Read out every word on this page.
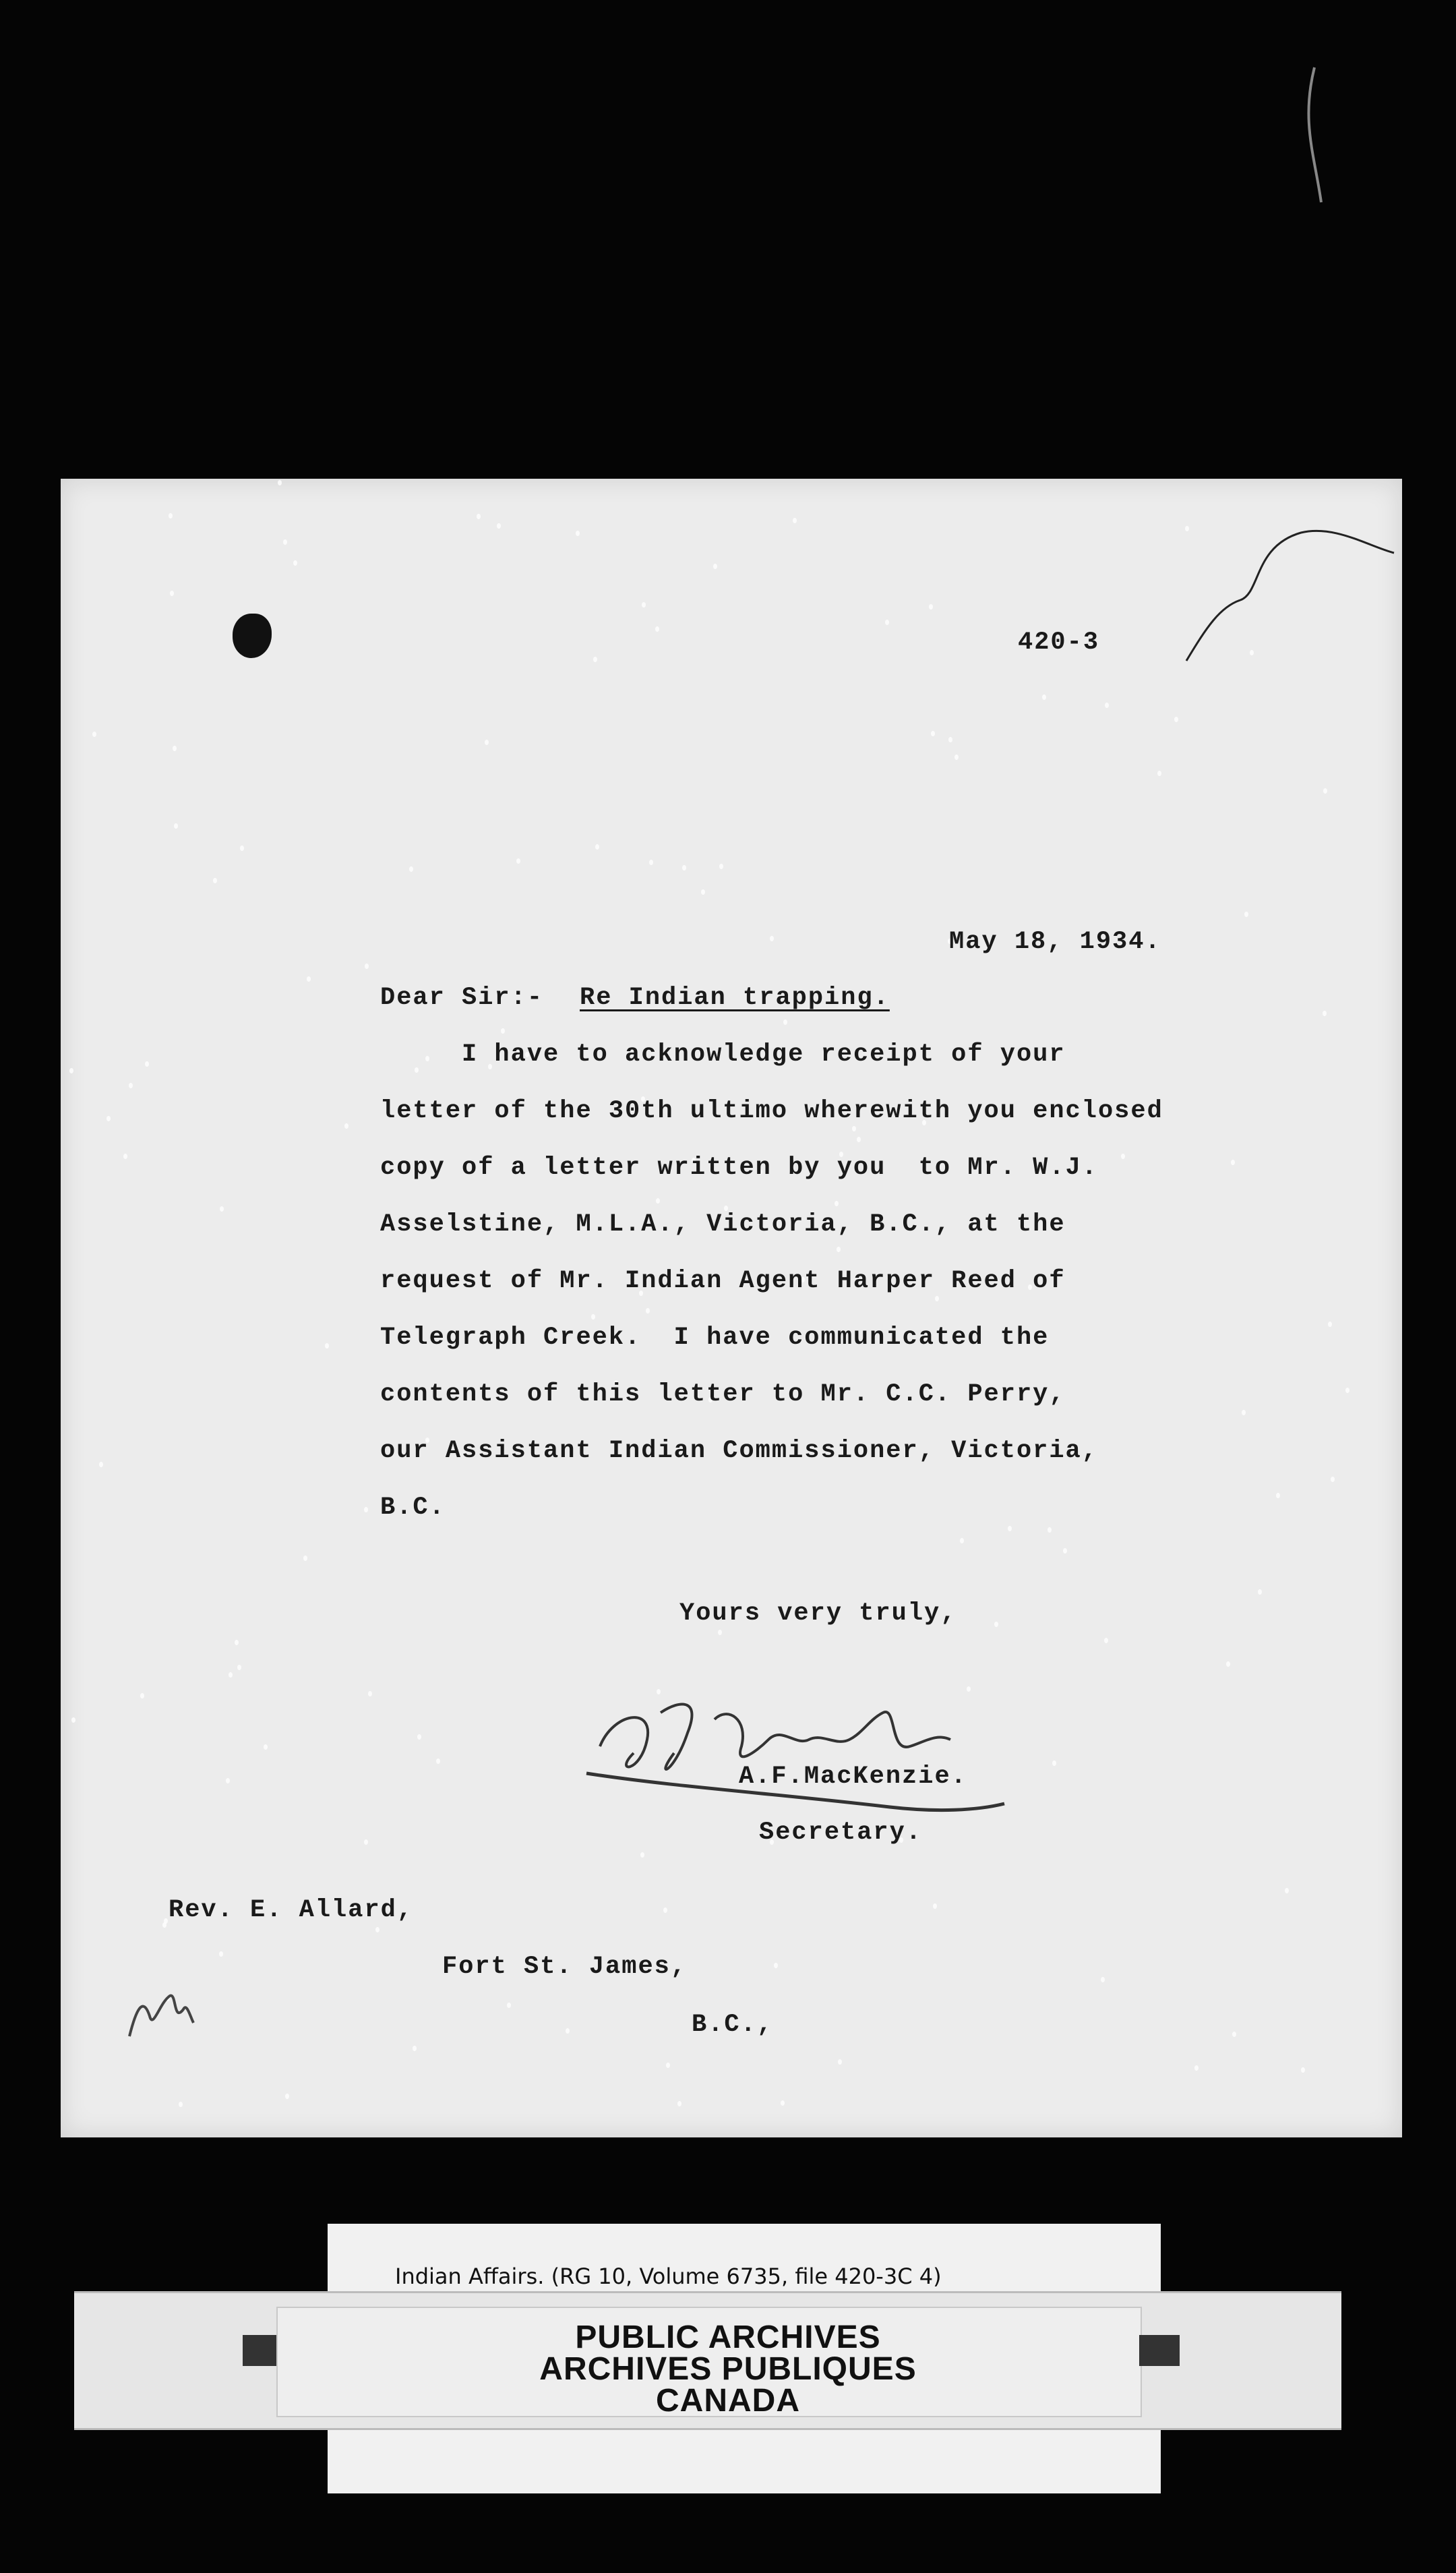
420-3
May 18, 1934.
Dear Sir:- Re Indian trapping.
I have to acknowledge receipt of your
letter of the 30th ultimo wherewith you enclosed
copy of a letter written by you  to Mr. W.J.
Asselstine, M.L.A., Victoria, B.C., at the
request of Mr. Indian Agent Harper Reed of
Telegraph Creek.  I have communicated the
contents of this letter to Mr. C.C. Perry,
our Assistant Indian Commissioner, Victoria,
B.C.
Yours very truly,
A.F.MacKenzie.
Secretary.
Rev. E. Allard,
Fort St. James,
B.C.,
Indian Affairs. (RG 10, Volume 6735, file 420-3C 4)
PUBLIC ARCHIVES
ARCHIVES PUBLIQUES
CANADA
